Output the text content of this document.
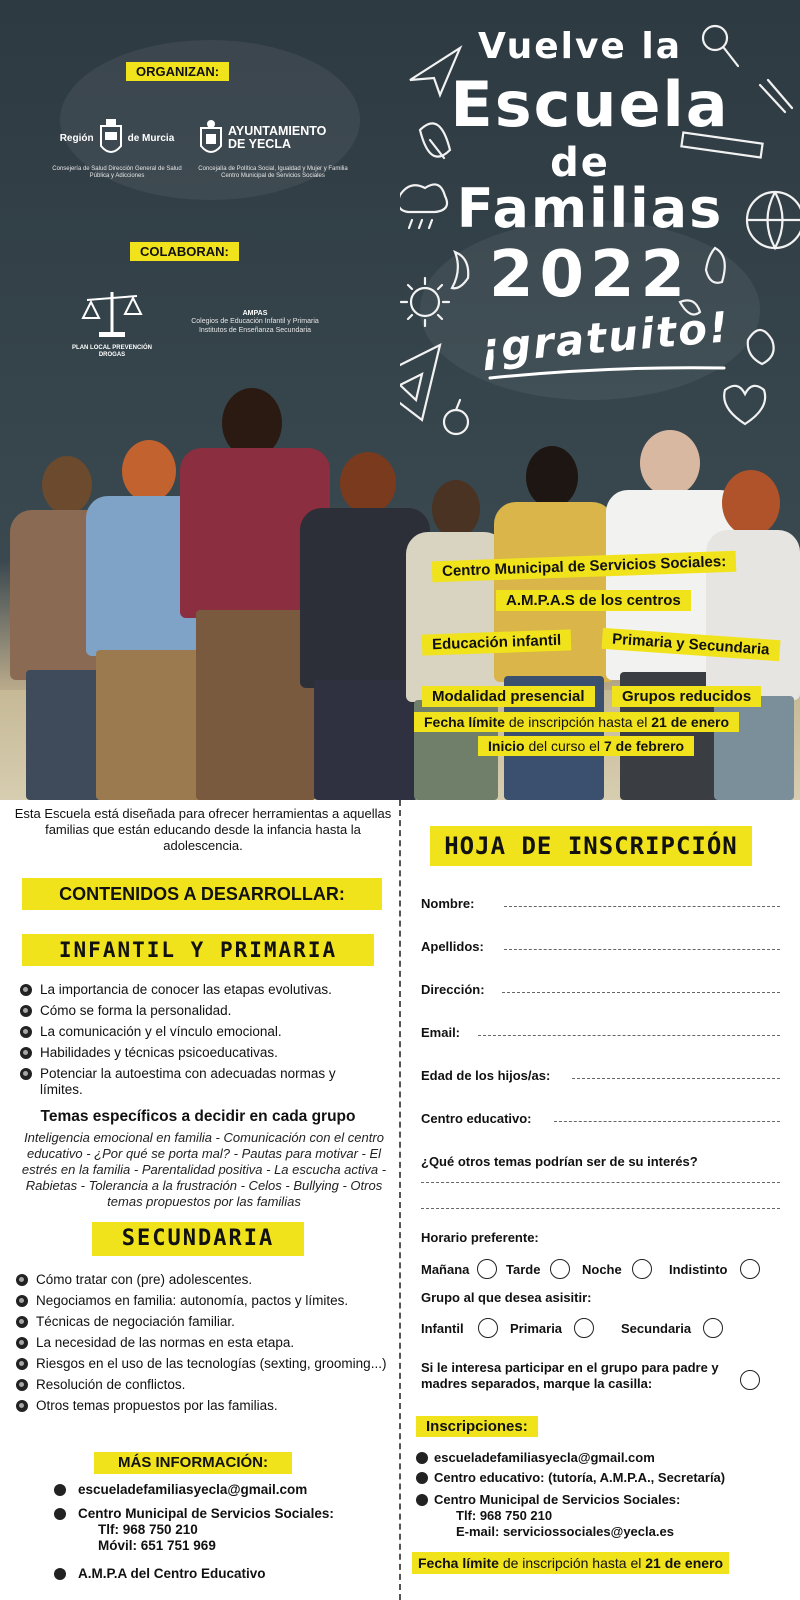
ORGANIZAN:
Región	de Murcia
Consejería de Salud Dirección General de Salud Pública y Adicciones
AYUNTAMIENTO DE YECLA
Concejalía de Política Social, Igualdad y Mujer y Familia Centro Municipal de Servicios Sociales
COLABORAN:
PLAN LOCAL PREVENCIÓN DROGAS
AMPAS
Colegios de Educación Infantil y Primaria Institutos de Enseñanza Secundaria
Vuelve la
Escuela
de
Familias
2022
¡gratuito!
Centro Municipal de Servicios Sociales:
A.M.P.A.S de los centros
Educación infantil	Primaria y Secundaria
Modalidad presencial	Grupos reducidos
Fecha límite de inscripción hasta el 21 de enero
Inicio del curso el 7 de febrero
Esta Escuela está diseñada para ofrecer herramientas a aquellas familias que están educando desde la infancia hasta la adolescencia.
CONTENIDOS A DESARROLLAR:
INFANTIL Y PRIMARIA
La importancia de conocer las etapas evolutivas.
Cómo se forma la personalidad.
La comunicación y el vínculo emocional.
Habilidades y técnicas psicoeducativas.
Potenciar la autoestima con adecuadas normas y límites.
Temas específicos a decidir en cada grupo
Inteligencia emocional en familia - Comunicación con el centro educativo - ¿Por qué se porta mal? - Pautas para motivar - El estrés en la familia - Parentalidad positiva - La escucha activa - Rabietas - Tolerancia a la frustración - Celos - Bullying - Otros temas propuestos por las familias
SECUNDARIA
Cómo tratar con (pre) adolescentes.
Negociamos en familia: autonomía, pactos y límites.
Técnicas de negociación familiar.
La necesidad de las normas en esta etapa.
Riesgos en el uso de las tecnologías (sexting, grooming...)
Resolución de conflictos.
Otros temas propuestos por las familias.
MÁS INFORMACIÓN:
escueladefamiliasyecla@gmail.com
Centro Municipal de Servicios Sociales:
Tlf: 968 750 210
Móvil: 651 751 969
A.M.P.A del Centro Educativo
HOJA DE INSCRIPCIÓN
Nombre:
Apellidos:
Dirección:
Email:
Edad de los hijos/as:
Centro educativo:
¿Qué otros temas podrían ser de su interés?
Horario preferente:
Mañana	Tarde	Noche	Indistinto
Grupo al que desea asisitir:
Infantil	Primaria	Secundaria
Si le interesa participar en el grupo para padre y madres separados, marque la casilla:
Inscripciones:
escueladefamiliasyecla@gmail.com
Centro educativo: (tutoría, A.M.P.A., Secretaría)
Centro Municipal de Servicios Sociales:
Tlf: 968 750 210
E-mail: serviciossociales@yecla.es
Fecha límite de inscripción hasta el 21 de enero
